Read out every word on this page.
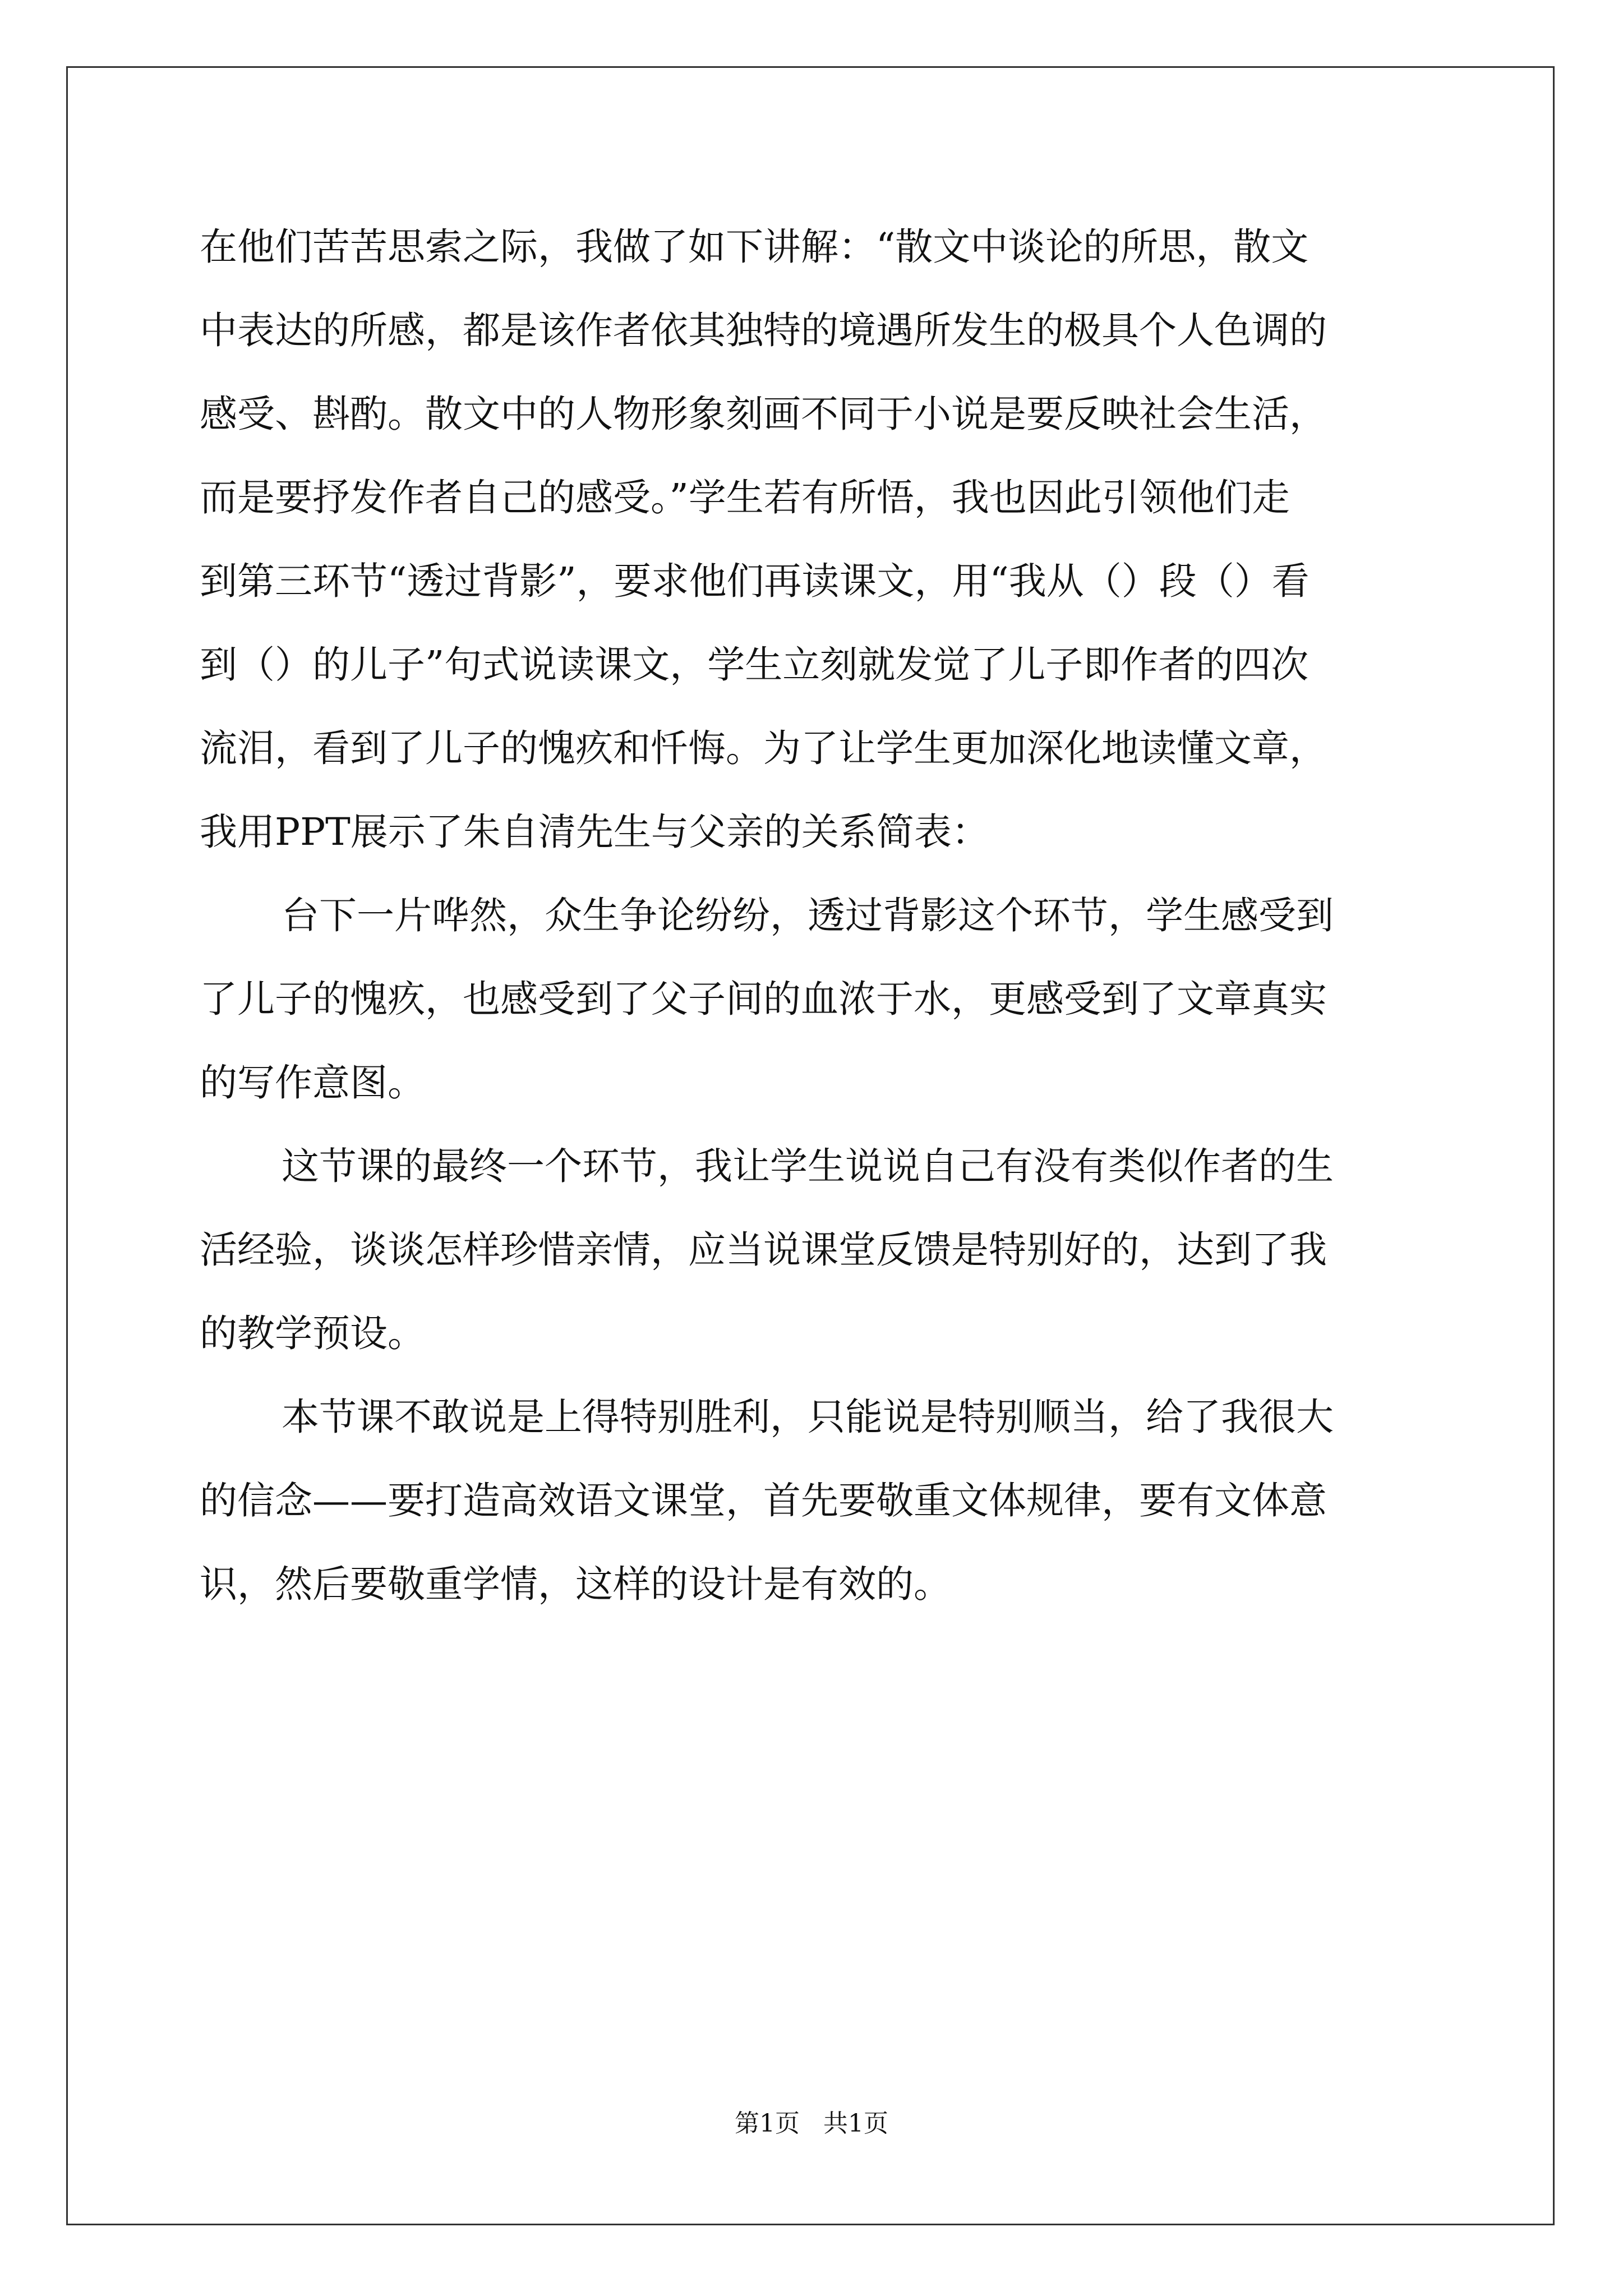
在他们苦苦思索之际，我做了如下讲解：“散文中谈论的所思，散文
中表达的所感，都是该作者依其独特的境遇所发生的极具个人色调的
感受、斟酌。散文中的人物形象刻画不同于小说是要反映社会生活，
而是要抒发作者自己的感受。”学生若有所悟，我也因此引领他们走
到第三环节“透过背影”，要求他们再读课文，用“我从（）段（）看
到（）的儿子”句式说读课文，学生立刻就发觉了儿子即作者的四次
流泪，看到了儿子的愧疚和忏悔。为了让学生更加深化地读懂文章，
我用PPT展示了朱自清先生与父亲的关系简表：
台下一片哗然，众生争论纷纷，透过背影这个环节，学生感受到
了儿子的愧疚，也感受到了父子间的血浓于水，更感受到了文章真实
的写作意图。
这节课的最终一个环节，我让学生说说自己有没有类似作者的生
活经验，谈谈怎样珍惜亲情，应当说课堂反馈是特别好的，达到了我
的教学预设。
本节课不敢说是上得特别胜利，只能说是特别顺当，给了我很大
的信念——要打造高效语文课堂，首先要敬重文体规律，要有文体意
识，然后要敬重学情，这样的设计是有效的。
第1页   共1页
